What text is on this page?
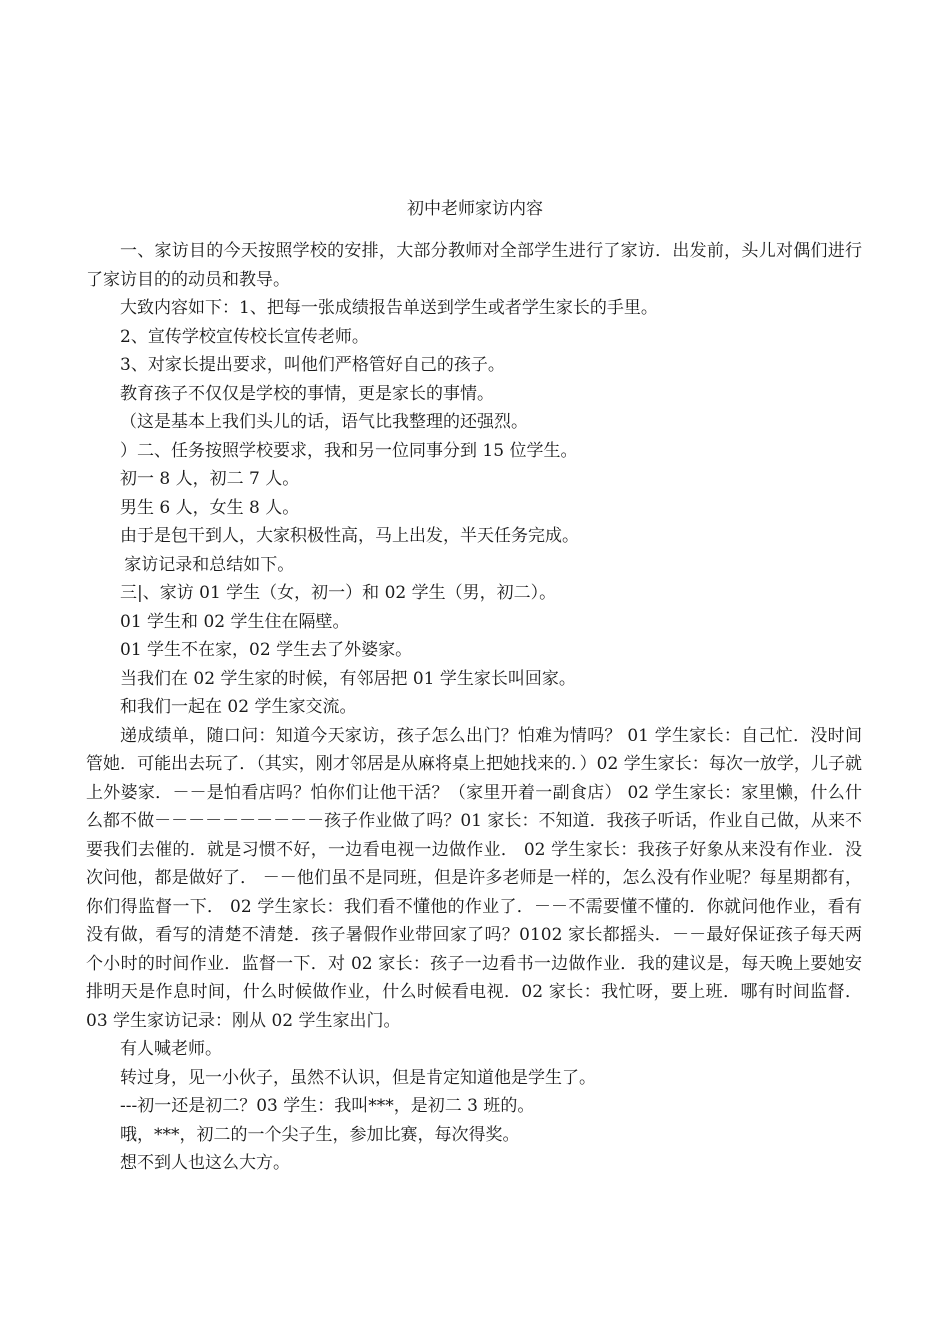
初中老师家访内容

一、家访目的今天按照学校的安排，大部分教师对全部学生进行了家访．出发前，头儿对偶们进行了家访目的的动员和教导。

大致内容如下：1、把每一张成绩报告单送到学生或者学生家长的手里。

2、宣传学校宣传校长宣传老师。

3、对家长提出要求，叫他们严格管好自己的孩子。

教育孩子不仅仅是学校的事情，更是家长的事情。

（这是基本上我们头儿的话，语气比我整理的还强烈。

）二、任务按照学校要求，我和另一位同事分到 15 位学生。

初一 8 人，初二 7 人。

男生 6 人，女生 8 人。

由于是包干到人，大家积极性高，马上出发，半天任务完成。

家访记录和总结如下。

三|、家访 01 学生（女，初一）和 02 学生（男，初二）。

01 学生和 02 学生住在隔壁。

01 学生不在家，02 学生去了外婆家。

当我们在 02 学生家的时候，有邻居把 01 学生家长叫回家。

和我们一起在 02 学生家交流。

递成绩单，随口问：知道今天家访，孩子怎么出门？怕难为情吗？ 01 学生家长：自己忙．没时间管她．可能出去玩了．（其实，刚才邻居是从麻将桌上把她找来的．）02 学生家长：每次一放学，儿子就上外婆家．－－是怕看店吗？怕你们让他干活？（家里开着一副食店） 02 学生家长：家里懒，什么什么都不做－－－－－－－－－－孩子作业做了吗？01 家长：不知道．我孩子听话，作业自己做，从来不要我们去催的．就是习惯不好，一边看电视一边做作业． 02 学生家长：我孩子好象从来没有作业．没次问他，都是做好了． －－他们虽不是同班，但是许多老师是一样的，怎么没有作业呢？每星期都有，你们得监督一下． 02 学生家长：我们看不懂他的作业了．－－不需要懂不懂的．你就问他作业，看有没有做，看写的清楚不清楚．孩子暑假作业带回家了吗？0102 家长都摇头．－－最好保证孩子每天两个小时的时间作业．监督一下．对 02 家长：孩子一边看书一边做作业．我的建议是，每天晚上要她安排明天是作息时间，什么时候做作业，什么时候看电视．02 家长：我忙呀，要上班．哪有时间监督．03 学生家访记录：刚从 02 学生家出门。

有人喊老师。

转过身，见一小伙子，虽然不认识，但是肯定知道他是学生了。

---初一还是初二？03 学生：我叫***，是初二 3 班的。

哦，***，初二的一个尖子生，参加比赛，每次得奖。

想不到人也这么大方。
